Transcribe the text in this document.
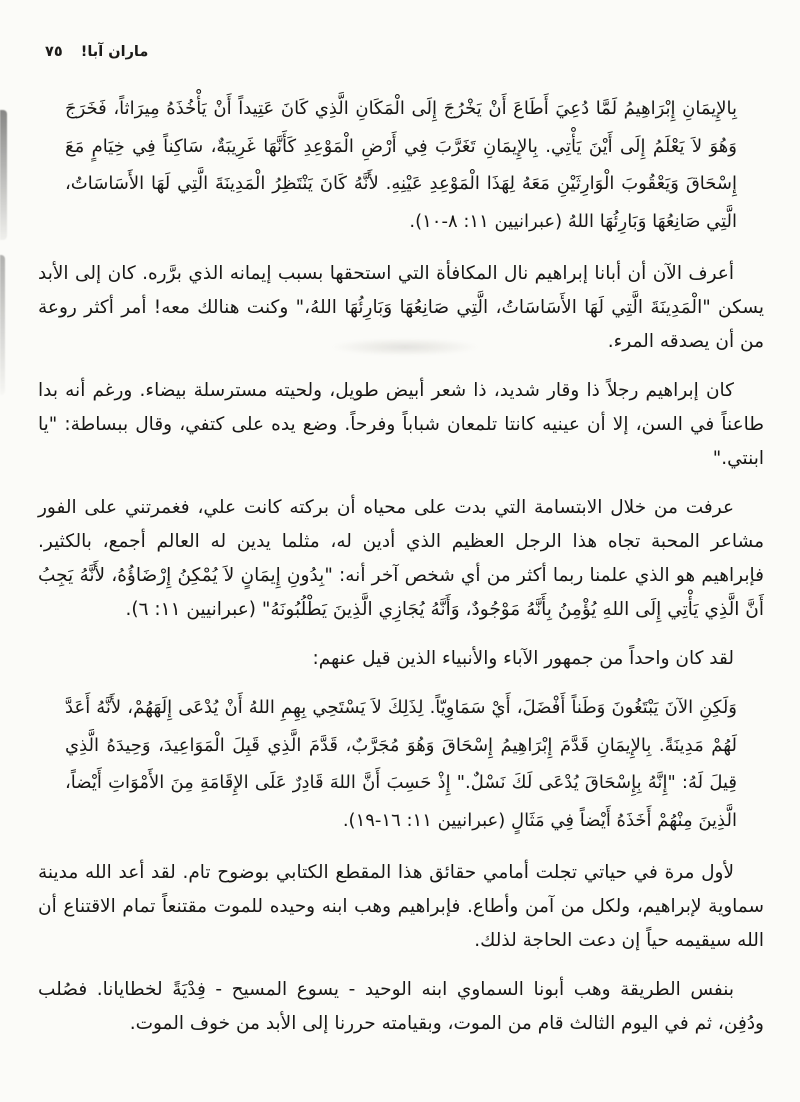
ماران آبا!
٧٥

بِالإِيمَانِ إِبْرَاهِيمُ لَمَّا دُعِيَ أَطَاعَ أَنْ يَخْرُجَ إِلَى الْمَكَانِ الَّذِي كَانَ عَتِيداً أَنْ يَأْخُذَهُ مِيرَاثاً، فَخَرَجَ وَهُوَ لاَ يَعْلَمُ إِلَى أَيْنَ يَأْتِي. بِالإِيمَانِ تَغَرَّبَ فِي أَرْضِ الْمَوْعِدِ كَأَنَّهَا غَرِيبَةٌ، سَاكِناً فِي خِيَامٍ مَعَ إِسْحَاقَ وَيَعْقُوبَ الْوَارِثَيْنِ مَعَهُ لِهَذَا الْمَوْعِدِ عَيْنِهِ. لأَنَّهُ كَانَ يَنْتَظِرُ الْمَدِينَةَ الَّتِي لَهَا الأَسَاسَاتُ، الَّتِي صَانِعُهَا وَبَارِئُهَا اللهُ (عبرانيين ١١: ٨-١٠).

أعرف الآن أن أبانا إبراهيم نال المكافأة التي استحقها بسبب إيمانه الذي برَّره. كان إلى الأبد يسكن "الْمَدِينَةَ الَّتِي لَهَا الأَسَاسَاتُ، الَّتِي صَانِعُهَا وَبَارِئُهَا اللهُ،" وكنت هنالك معه! أمر أكثر روعة من أن يصدقه المرء.

كان إبراهيم رجلاً ذا وقار شديد، ذا شعر أبيض طويل، ولحيته مسترسلة بيضاء. ورغم أنه بدا طاعناً في السن، إلا أن عينيه كانتا تلمعان شباباً وفرحاً. وضع يده على كتفي، وقال ببساطة: "يا ابنتي."

عرفت من خلال الابتسامة التي بدت على محياه أن بركته كانت علي، فغمرتني على الفور مشاعر المحبة تجاه هذا الرجل العظيم الذي أدين له، مثلما يدين له العالم أجمع، بالكثير. فإبراهيم هو الذي علمنا ربما أكثر من أي شخص آخر أنه: "بِدُونِ إِيمَانٍ لاَ يُمْكِنُ إِرْضَاؤُهُ، لأَنَّهُ يَجِبُ أَنَّ الَّذِي يَأْتِي إِلَى اللهِ يُؤْمِنُ بِأَنَّهُ مَوْجُودٌ، وَأَنَّهُ يُجَازِي الَّذِينَ يَطْلُبُونَهُ" (عبرانيين ١١: ٦).

لقد كان واحداً من جمهور الآباء والأنبياء الذين قيل عنهم:

وَلَكِنِ الآنَ يَبْتَغُونَ وَطَناً أَفْضَلَ، أَيْ سَمَاوِيّاً. لِذَلِكَ لاَ يَسْتَحِي بِهِمِ اللهُ أَنْ يُدْعَى إِلَهَهُمْ، لأَنَّهُ أَعَدَّ لَهُمْ مَدِينَةً. بِالإِيمَانِ قَدَّمَ إِبْرَاهِيمُ إِسْحَاقَ وَهُوَ مُجَرَّبٌ، قَدَّمَ الَّذِي قَبِلَ الْمَوَاعِيدَ، وَحِيدَهُ الَّذِي قِيلَ لَهُ: "إِنَّهُ بِإِسْحَاقَ يُدْعَى لَكَ نَسْلٌ." إِذْ حَسِبَ أَنَّ اللهَ قَادِرٌ عَلَى الإِقَامَةِ مِنَ الأَمْوَاتِ أَيْضاً، الَّذِينَ مِنْهُمْ أَخَذَهُ أَيْضاً فِي مَثَالٍ (عبرانيين ١١: ١٦-١٩).

لأول مرة في حياتي تجلت أمامي حقائق هذا المقطع الكتابي بوضوح تام. لقد أعد الله مدينة سماوية لإبراهيم، ولكل من آمن وأطاع. فإبراهيم وهب ابنه وحيده للموت مقتنعاً تمام الاقتناع أن الله سيقيمه حياً إن دعت الحاجة لذلك.

بنفس الطريقة وهب أبونا السماوي ابنه الوحيد - يسوع المسيح - فِدْيَةً لخطايانا. فصُلب ودُفِن، ثم في اليوم الثالث قام من الموت، وبقيامته حررنا إلى الأبد من خوف الموت.
